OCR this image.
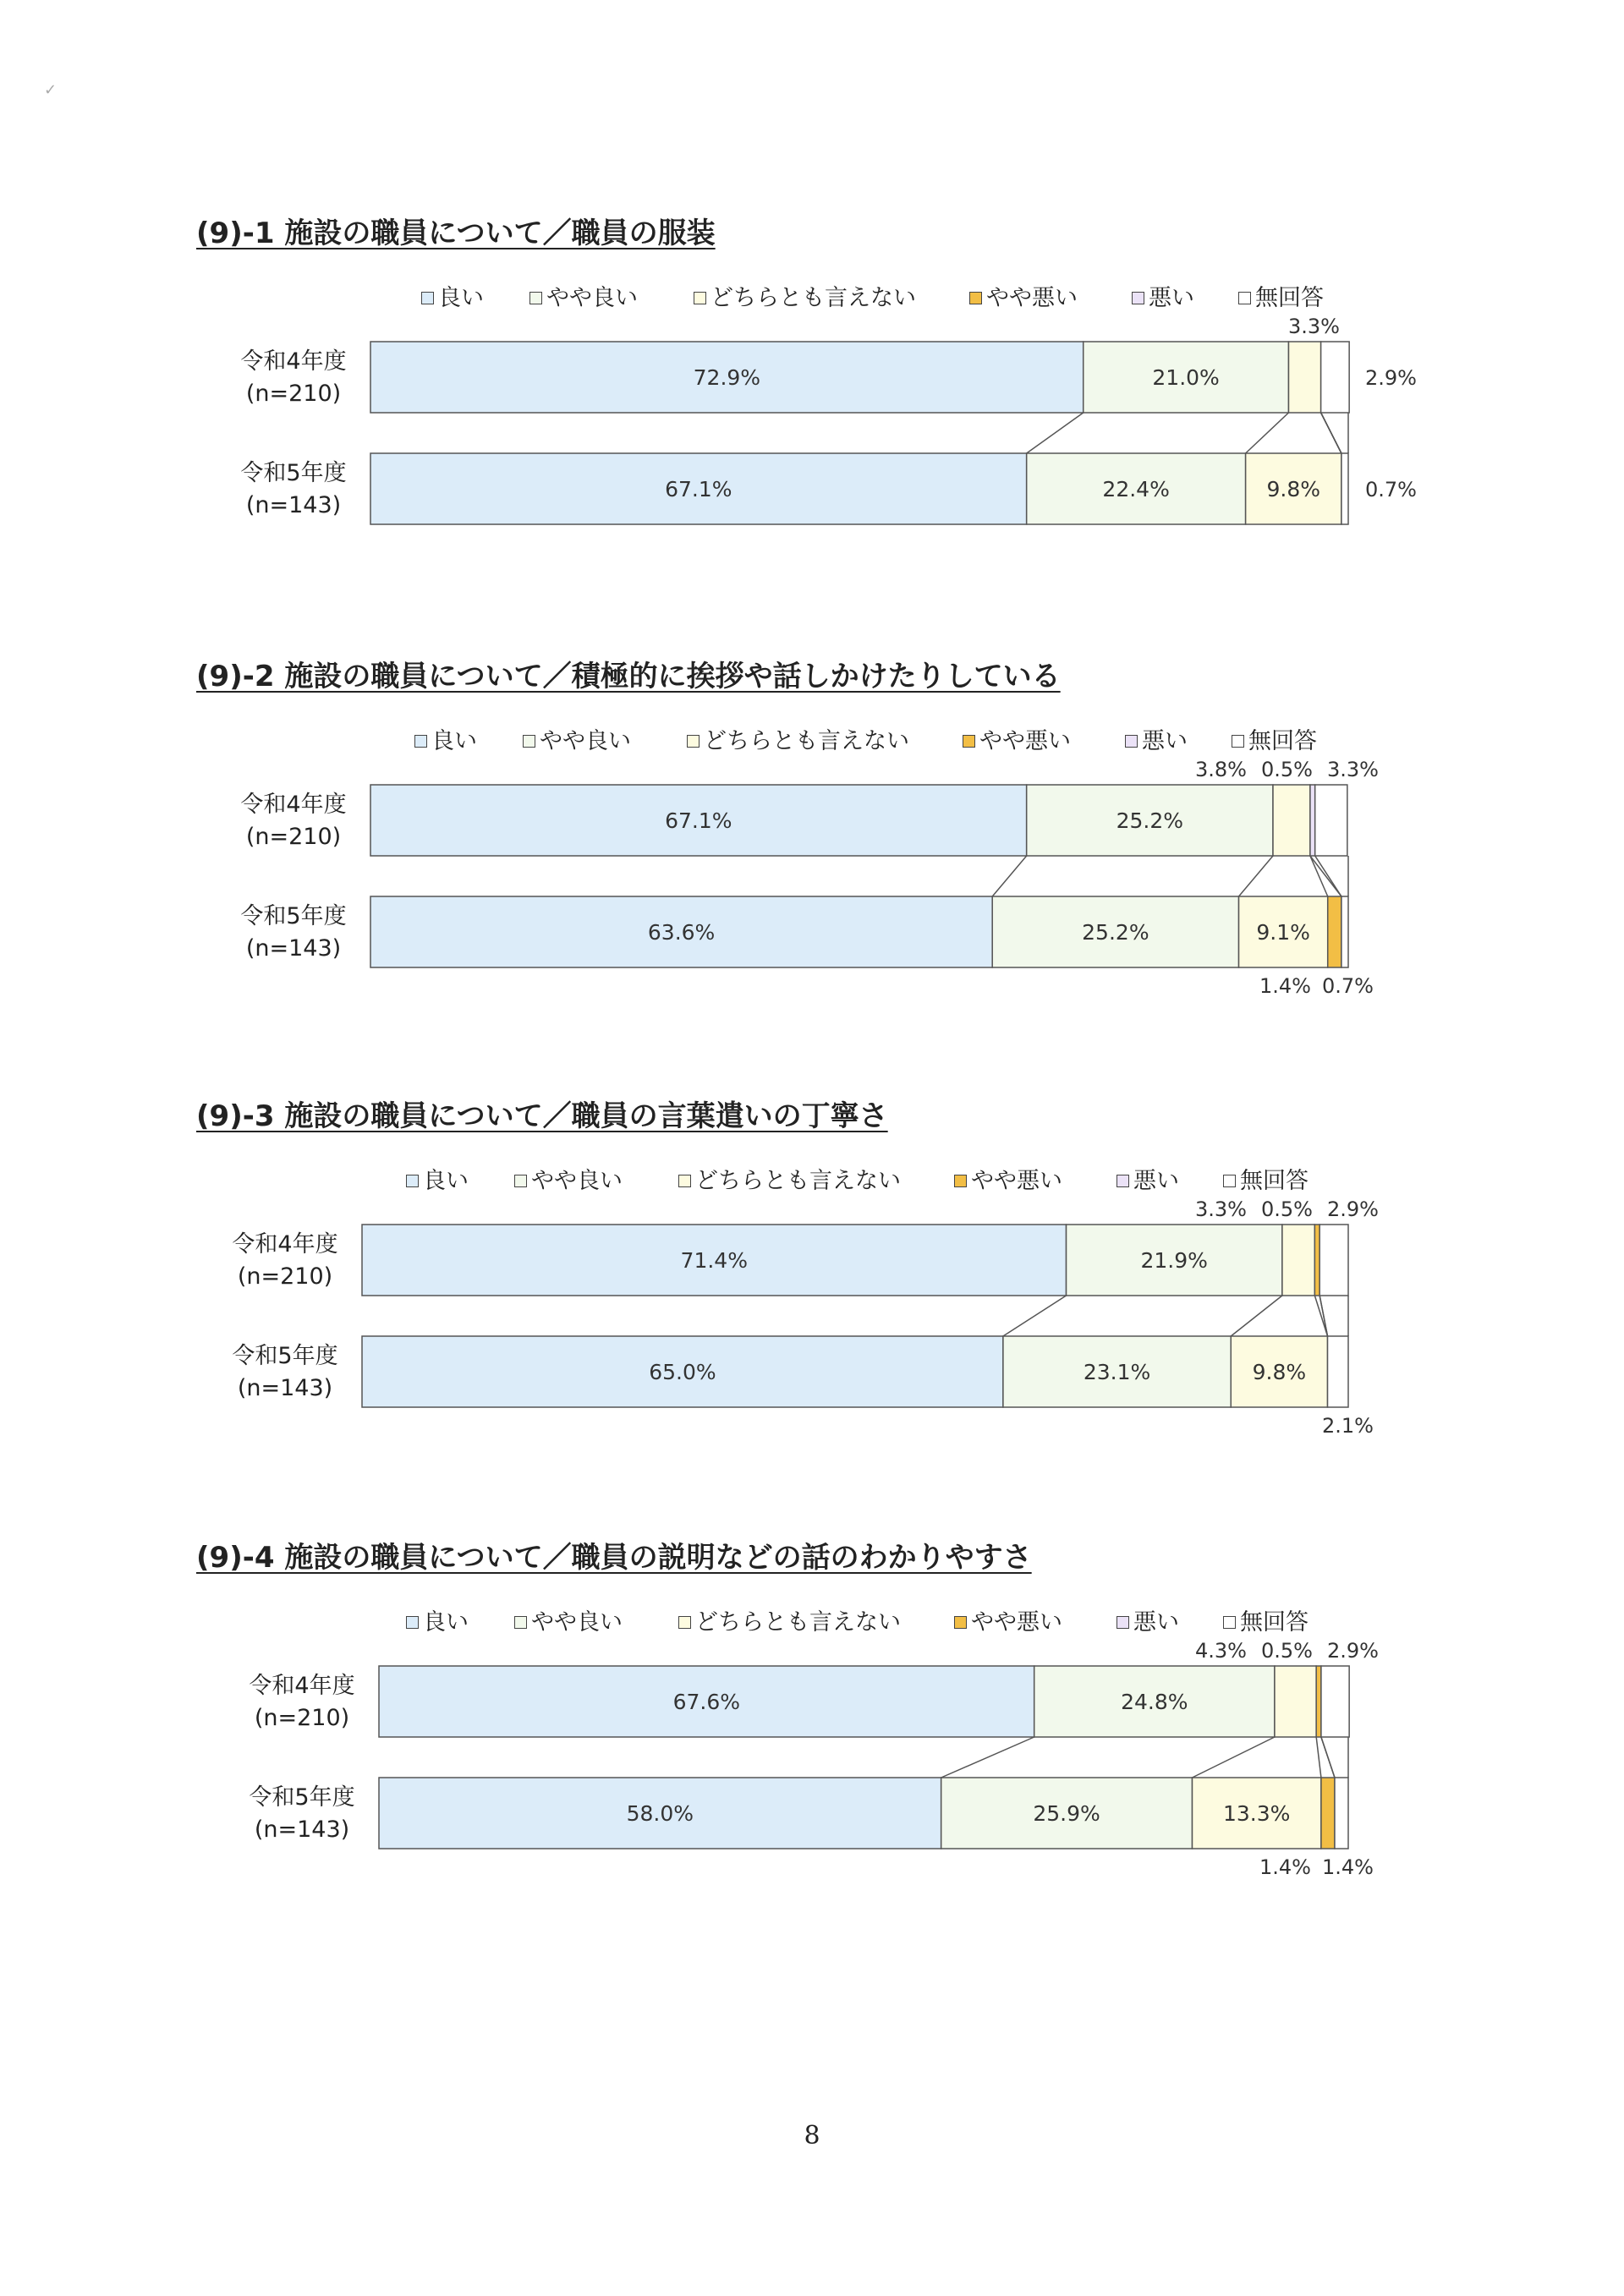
✓
(9)-1 施設の職員について／職員の服装
良い	やや良い	どちらとも言えない	やや悪い	悪い	無回答
72.9%	21.0%
67.1%	22.4%	9.8%
3.3%
2.9%
0.7%
令和4年度
(n=210)
令和5年度
(n=143)
(9)-2 施設の職員について／積極的に挨拶や話しかけたりしている
良い	やや良い	どちらとも言えない	やや悪い	悪い	無回答
67.1%	25.2%
63.6%	25.2%	9.1%
3.3%
0.5%
3.8%
0.7%
1.4%
令和4年度
(n=210)
令和5年度
(n=143)
(9)-3 施設の職員について／職員の言葉遣いの丁寧さ
良い	やや良い	どちらとも言えない	やや悪い	悪い	無回答
71.4%	21.9%
65.0%	23.1%	9.8%
2.9%
0.5%
3.3%
2.1%
令和4年度
(n=210)
令和5年度
(n=143)
(9)-4 施設の職員について／職員の説明などの話のわかりやすさ
良い	やや良い	どちらとも言えない	やや悪い	悪い	無回答
67.6%	24.8%
58.0%	25.9%	13.3%
2.9%
0.5%
4.3%
1.4%
1.4%
令和4年度
(n=210)
令和5年度
(n=143)
8
